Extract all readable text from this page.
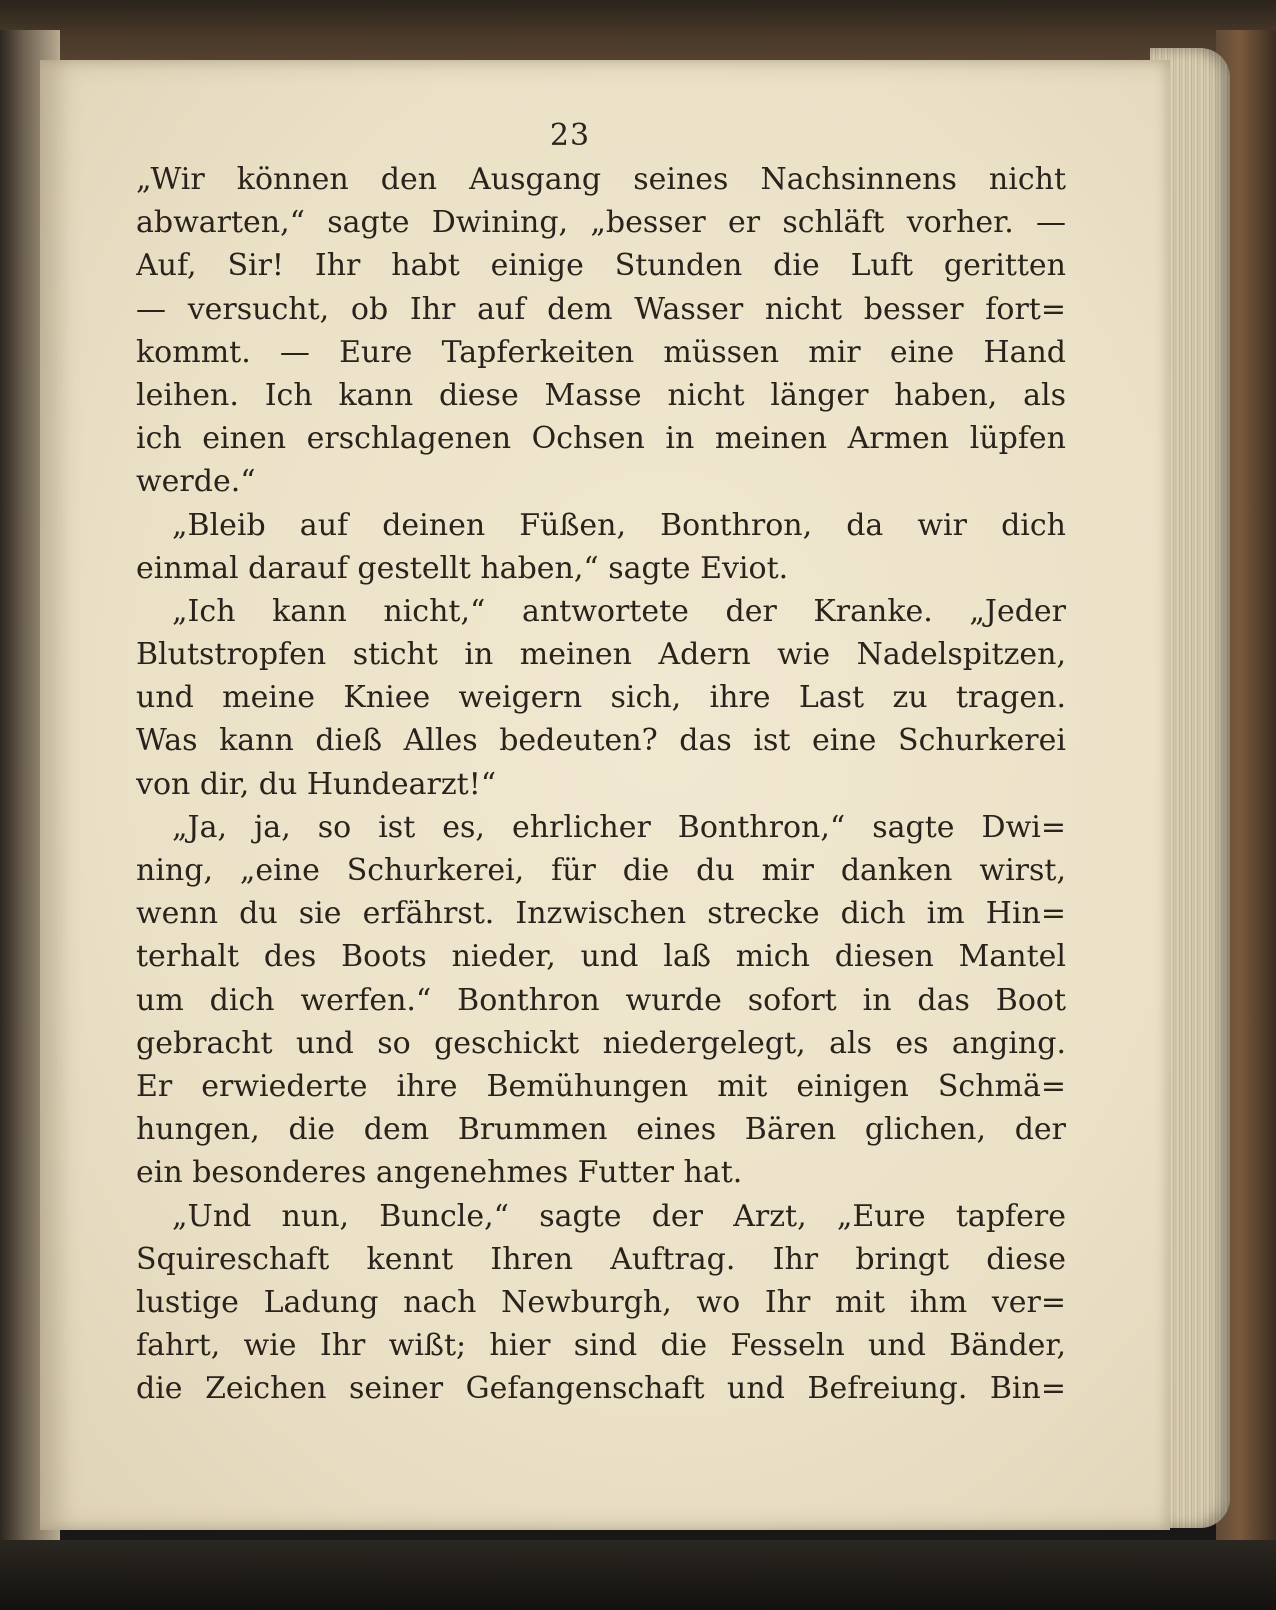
23
„Wir können den Ausgang seines Nachsinnens nicht
abwarten,“ sagte Dwining, „besser er schläft vorher. —
Auf, Sir! Ihr habt einige Stunden die Luft geritten
— versucht, ob Ihr auf dem Wasser nicht besser fort=
kommt. — Eure Tapferkeiten müssen mir eine Hand
leihen. Ich kann diese Masse nicht länger haben, als
ich einen erschlagenen Ochsen in meinen Armen lüpfen
werde.“
„Bleib auf deinen Füßen, Bonthron, da wir dich
einmal darauf gestellt haben,“ sagte Eviot.
„Ich kann nicht,“ antwortete der Kranke. „Jeder
Blutstropfen sticht in meinen Adern wie Nadelspitzen,
und meine Kniee weigern sich, ihre Last zu tragen.
Was kann dieß Alles bedeuten? das ist eine Schurkerei
von dir, du Hundearzt!“
„Ja, ja, so ist es, ehrlicher Bonthron,“ sagte Dwi=
ning, „eine Schurkerei, für die du mir danken wirst,
wenn du sie erfährst. Inzwischen strecke dich im Hin=
terhalt des Boots nieder, und laß mich diesen Mantel
um dich werfen.“ Bonthron wurde sofort in das Boot
gebracht und so geschickt niedergelegt, als es anging.
Er erwiederte ihre Bemühungen mit einigen Schmä=
hungen, die dem Brummen eines Bären glichen, der
ein besonderes angenehmes Futter hat.
„Und nun, Buncle,“ sagte der Arzt, „Eure tapfere
Squireschaft kennt Ihren Auftrag. Ihr bringt diese
lustige Ladung nach Newburgh, wo Ihr mit ihm ver=
fahrt, wie Ihr wißt; hier sind die Fesseln und Bänder,
die Zeichen seiner Gefangenschaft und Befreiung. Bin=
